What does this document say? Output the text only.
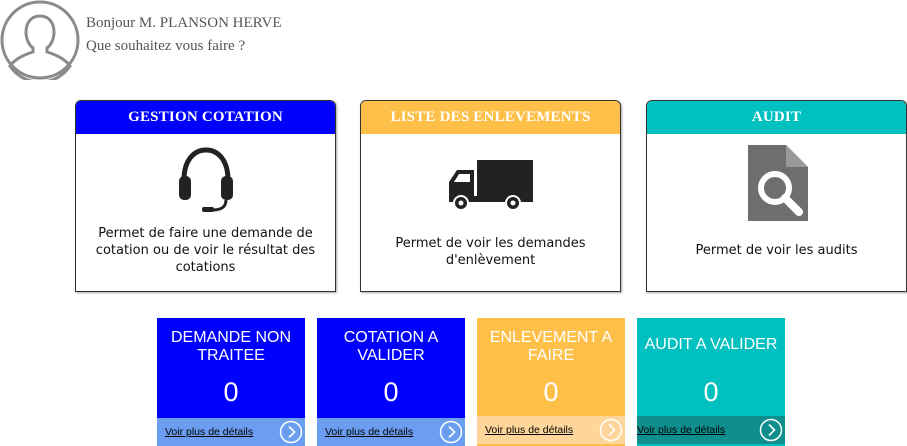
Bonjour M. PLANSON HERVE
Que souhaitez vous faire ?
GESTION COTATION
Permet de faire une demande de cotation ou de voir le résultat des cotations
LISTE DES ENLEVEMENTS
Permet de voir les demandes d'enlèvement
AUDIT
Permet de voir les audits
DEMANDE NON TRAITEE
0
Voir plus de détails
COTATION A VALIDER
0
Voir plus de détails
ENLEVEMENT A FAIRE
0
Voir plus de détails
AUDIT A VALIDER
0
Voir plus de détails
